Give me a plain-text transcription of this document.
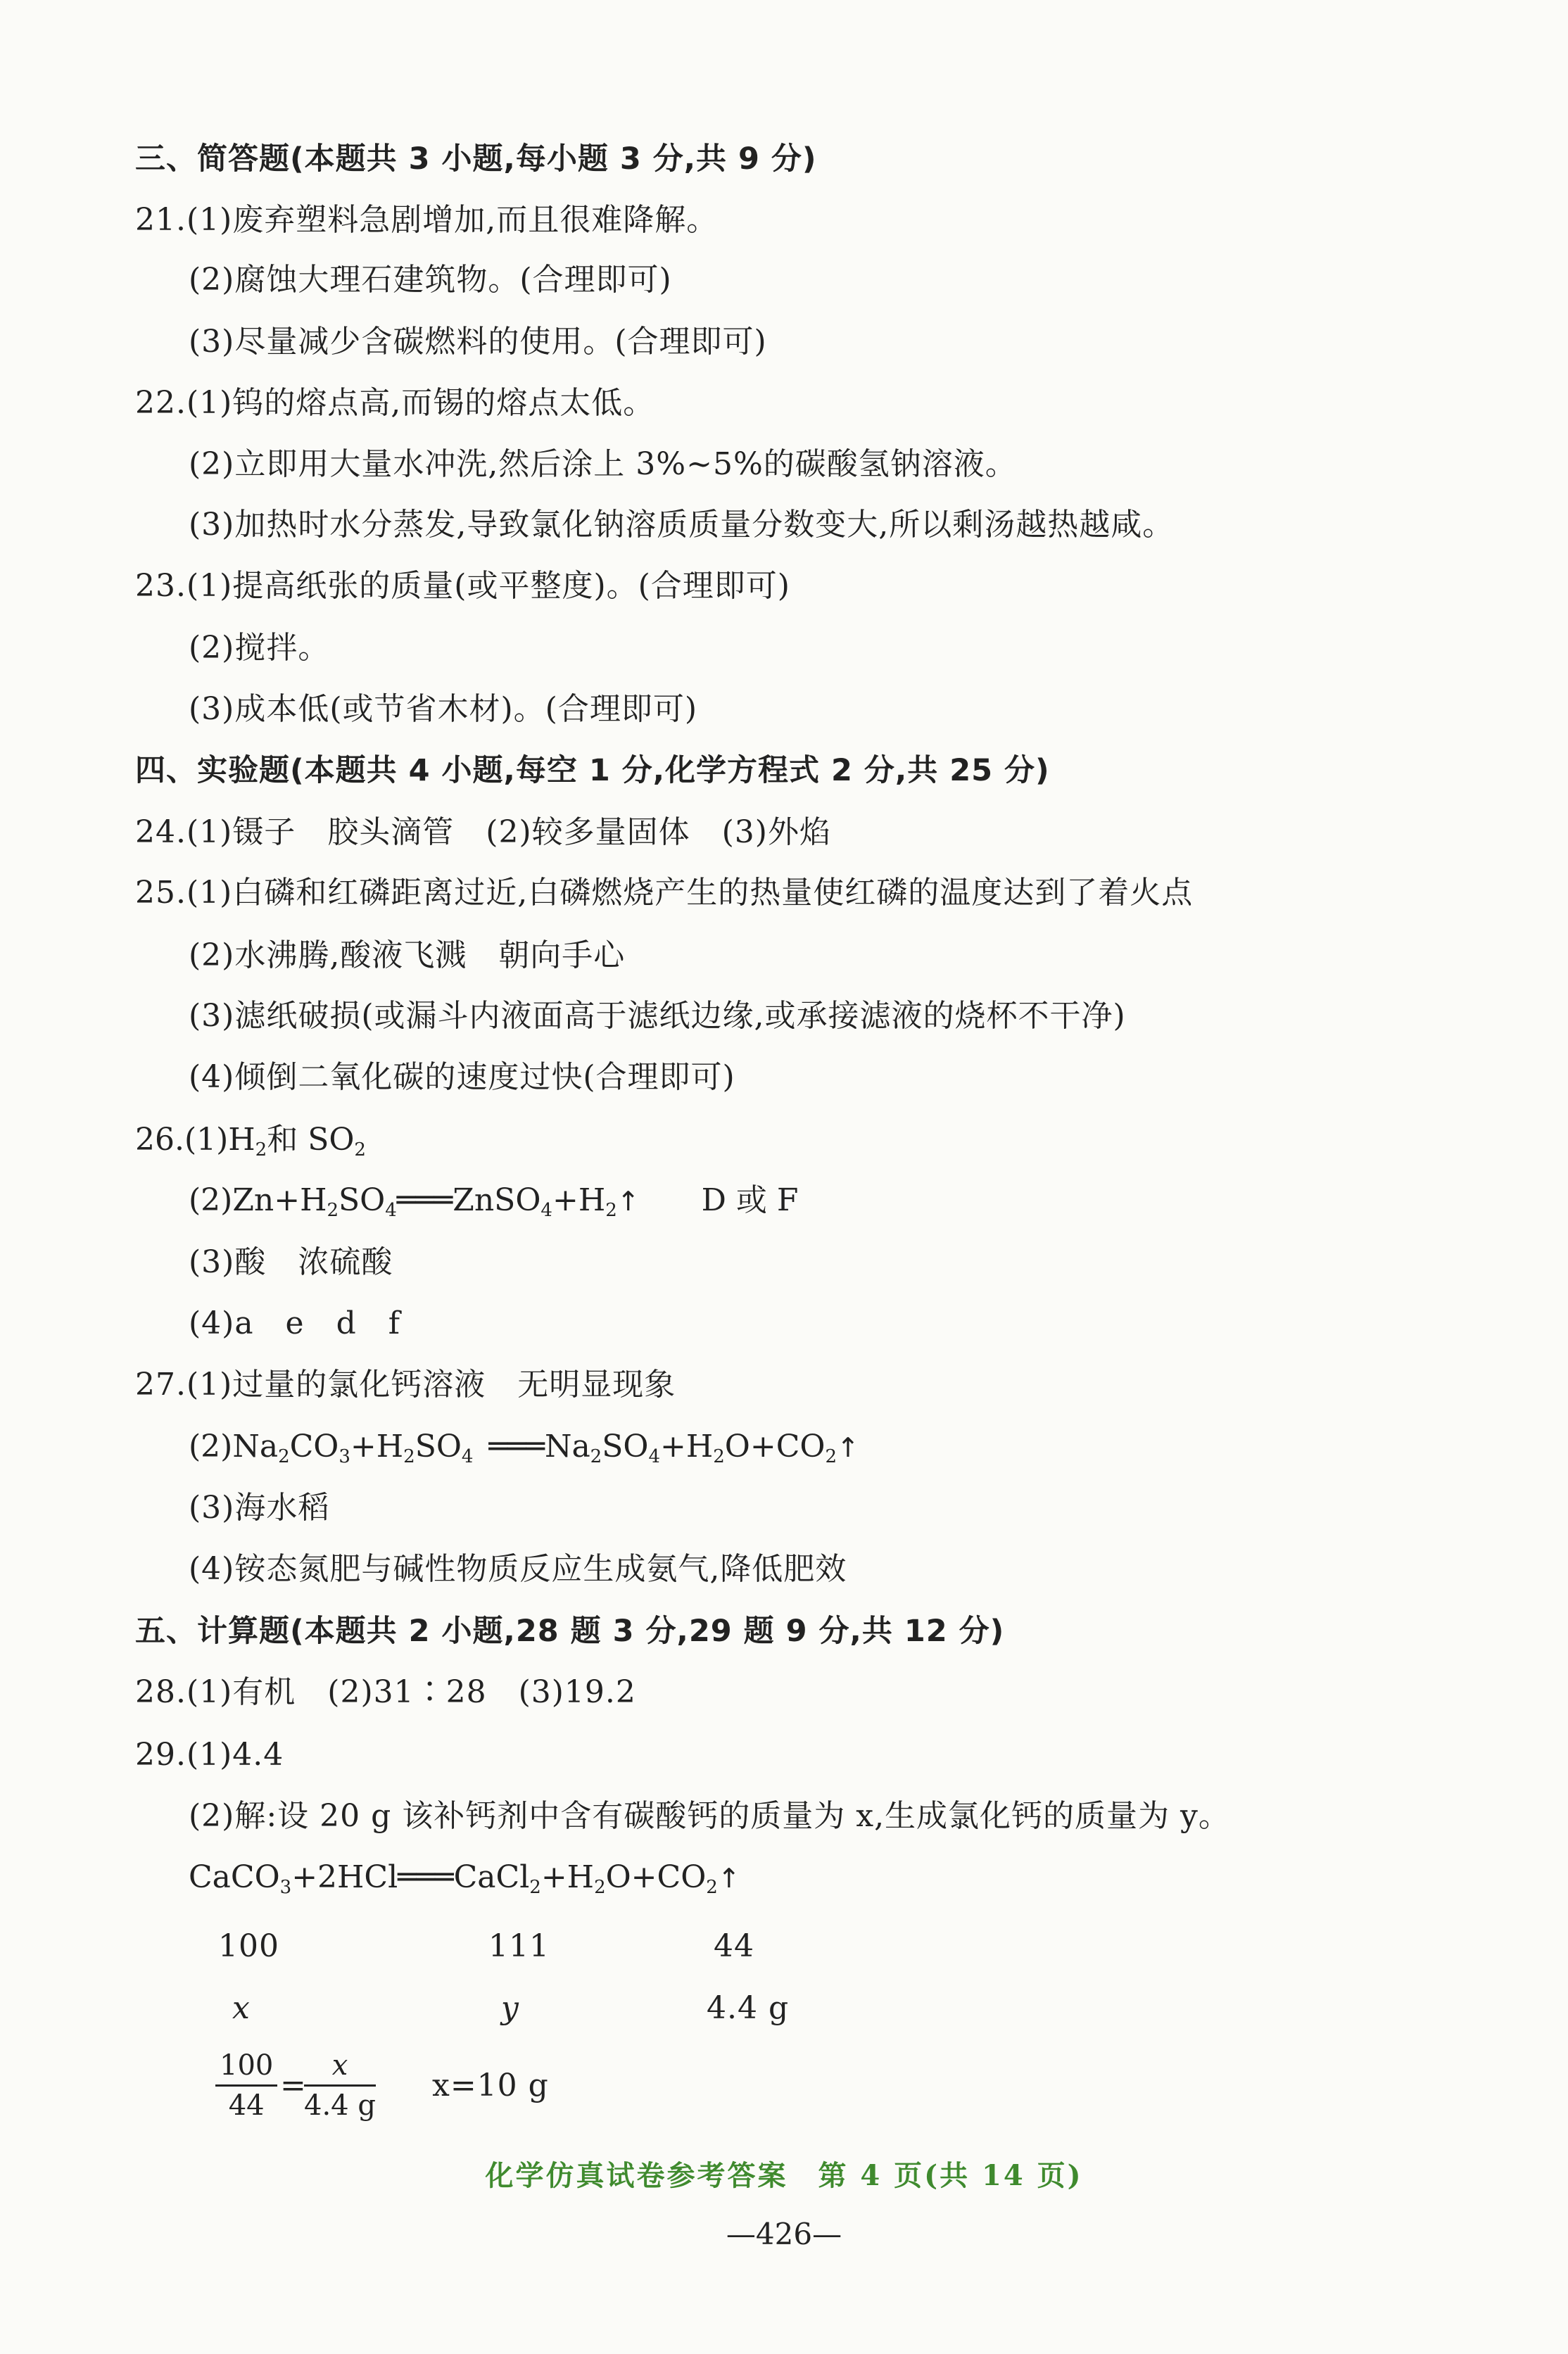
三、简答题(本题共 3 小题,每小题 3 分,共 9 分)
21.(1)废弃塑料急剧增加,而且很难降解。
(2)腐蚀大理石建筑物。(合理即可)
(3)尽量减少含碳燃料的使用。(合理即可)
22.(1)钨的熔点高,而锡的熔点太低。
(2)立即用大量水冲洗,然后涂上 3%~5%的碳酸氢钠溶液。
(3)加热时水分蒸发,导致氯化钠溶质质量分数变大,所以剩汤越热越咸。
23.(1)提高纸张的质量(或平整度)。(合理即可)
(2)搅拌。
(3)成本低(或节省木材)。(合理即可)
四、实验题(本题共 4 小题,每空 1 分,化学方程式 2 分,共 25 分)
24.(1)镊子　胶头滴管　(2)较多量固体　(3)外焰
25.(1)白磷和红磷距离过近,白磷燃烧产生的热量使红磷的温度达到了着火点
(2)水沸腾,酸液飞溅　朝向手心
(3)滤纸破损(或漏斗内液面高于滤纸边缘,或承接滤液的烧杯不干净)
(4)倾倒二氧化碳的速度过快(合理即可)
$26.(1)H_2$和 $SO_2$
$(2)Zn+H_2SO_4═══ZnSO_4+H_2↑$   D 或 F
(3)酸　浓硫酸
(4)a　e　d　f
27.(1)过量的氯化钙溶液　无明显现象
$(2)Na_2CO_3+H_2SO_4$ $═══Na_2SO_4+H_2O+CO_2↑$
(3)海水稻
(4)铵态氮肥与碱性物质反应生成氨气,降低肥效
五、计算题(本题共 2 小题,28 题 3 分,29 题 9 分,共 12 分)
28.(1)有机　(2)31∶28　(3)19.2
29.(1)4.4
(2)解:设 20 g 该补钙剂中含有碳酸钙的质量为 x,生成氯化钙的质量为 y。
$CaCO_3+2HCl═══CaCl_2+H_2O+CO_2↑$
100	111	44
x	y	4.4 g
$\frac{100}{44}$ =
$\frac{x}{4.4 g} x=10$ g
化学仿真试卷参考答案　第 4 页(共 14 页)
—426—
